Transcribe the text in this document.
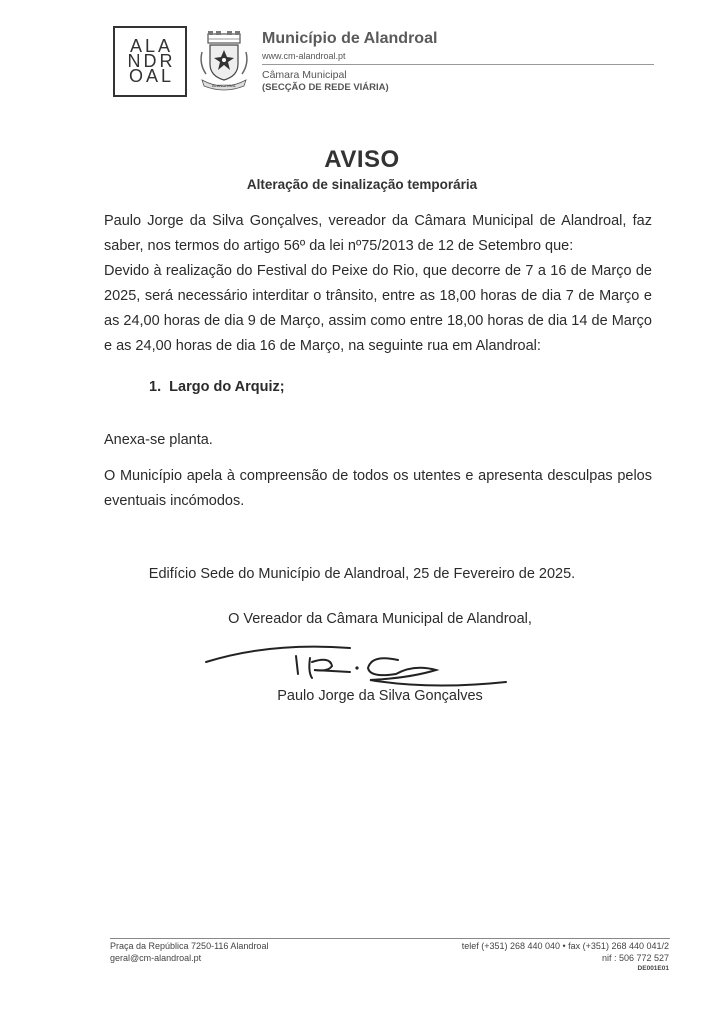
ALA
NDR
OAL	ALANDROAL
Município de Alandroal
www.cm-alandroal.pt
Câmara Municipal
(SECÇÃO DE REDE VIÁRIA)
AVISO
Alteração de sinalização temporária
Paulo Jorge da Silva Gonçalves, vereador da Câmara Municipal de Alandroal, faz
saber, nos termos do artigo 56º da lei nº75/2013 de 12 de Setembro que:
Devido à realização do Festival do Peixe do Rio, que decorre de 7 a 16 de Março de
2025, será necessário interditar o trânsito, entre as 18,00 horas de dia 7 de Março e
as 24,00 horas de dia 9 de Março, assim como entre 18,00 horas de dia 14 de Março
e as 24,00 horas de dia 16 de Março, na seguinte rua em Alandroal:
1.  Largo do Arquiz;
Anexa-se planta.
O Município apela à compreensão de todos os utentes e apresenta desculpas pelos
eventuais incómodos.
Edifício Sede do Município de Alandroal, 25 de Fevereiro de 2025.
O Vereador da Câmara Municipal de Alandroal,
Paulo Jorge da Silva Gonçalves
Praça da República 7250-116 Alandroal
geral@cm-alandroal.pt
telef (+351) 268 440 040 • fax (+351) 268 440 041/2
nif : 506 772 527
DE001E01
